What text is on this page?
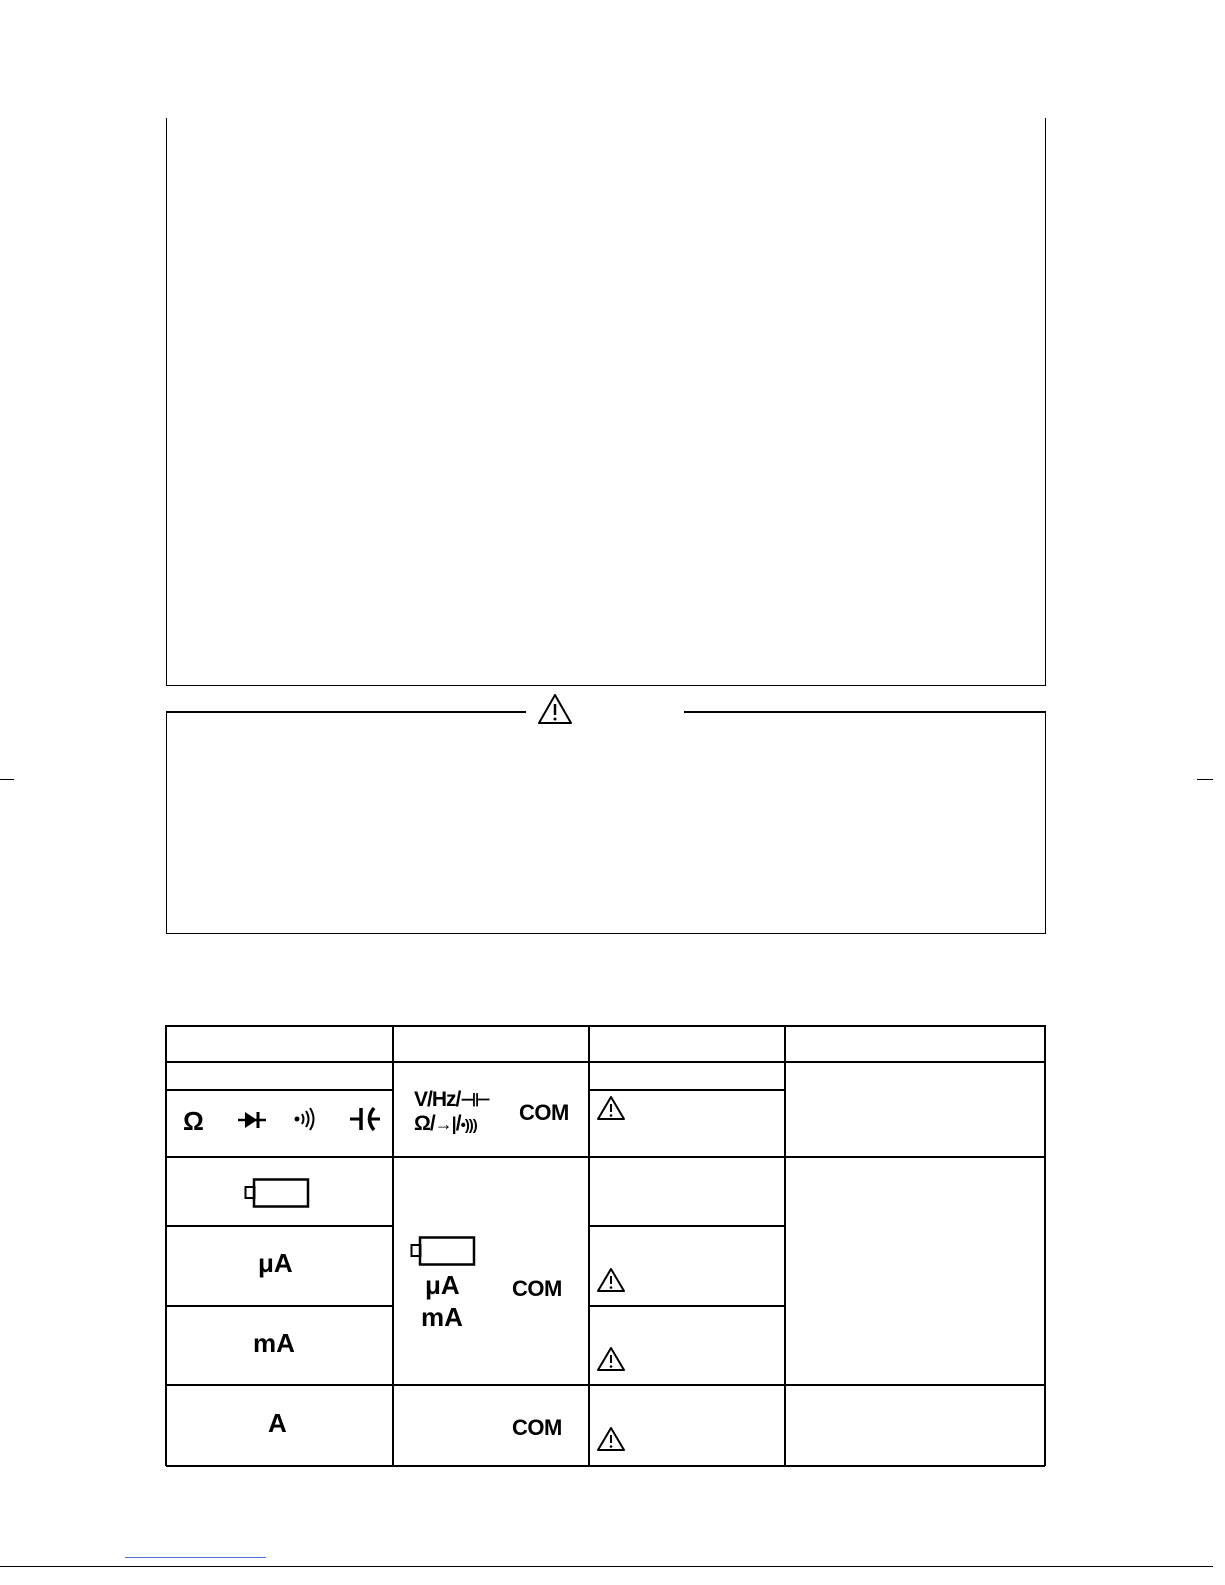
Ω
V/Hz/⊣⊢
Ω/→|/•)))
COM
μA
mA
COM
μA
mA
A	COM
